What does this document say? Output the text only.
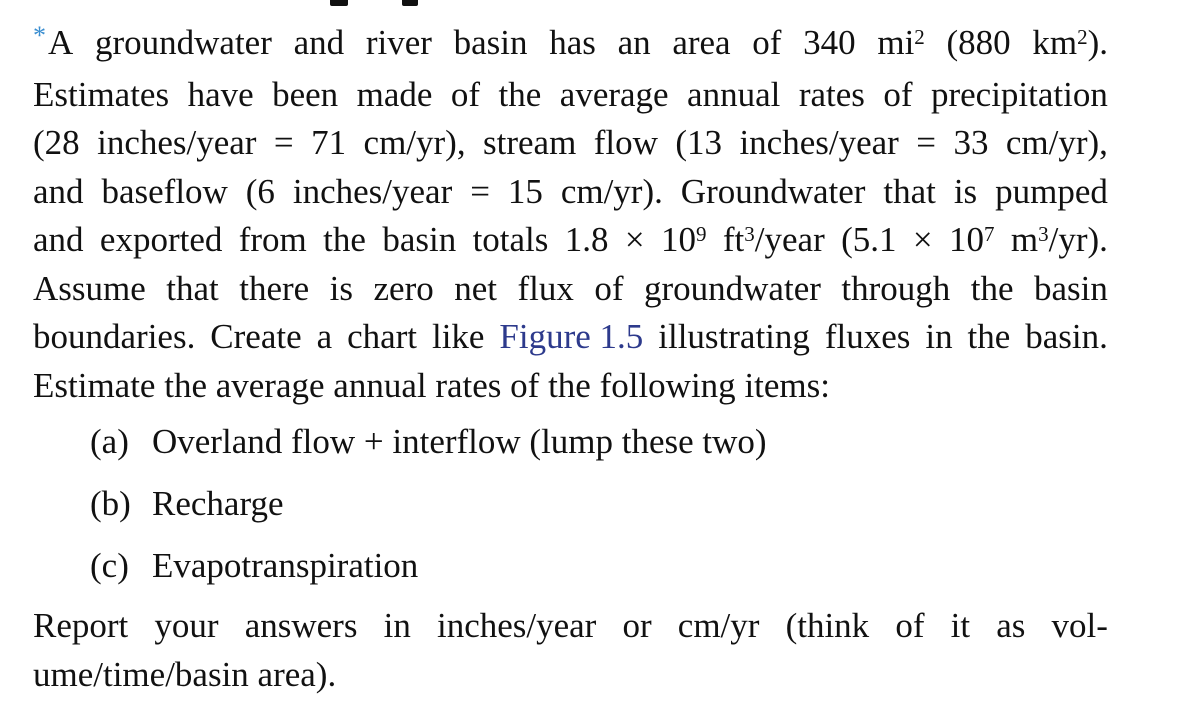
*A groundwater and river basin has an area of 340 $mi^2$ (880 $km^2$).
Estimates have been made of the average annual rates of precipitation
(28 inches/year = 71 cm/yr), stream flow (13 inches/year = 33 cm/yr),
and baseflow (6 inches/year = 15 cm/yr). Groundwater that is pumped
and exported from the basin totals $1.8 \times 10^9$ $ft^3$/year ($5.1 \times 10^7$ $m^3/yr$).
Assume that there is zero net flux of groundwater through the basin
boundaries. Create a chart like Figure 1.5 illustrating fluxes in the basin.
Estimate
the
average
annual
rates
of
the
following
items:
(a) Overland flow + interflow (lump these two)
(b) Recharge
(c) Evapotranspiration
Report your answers in inches/year or cm/yr (think of it as vol-
ume/time/basin area).
